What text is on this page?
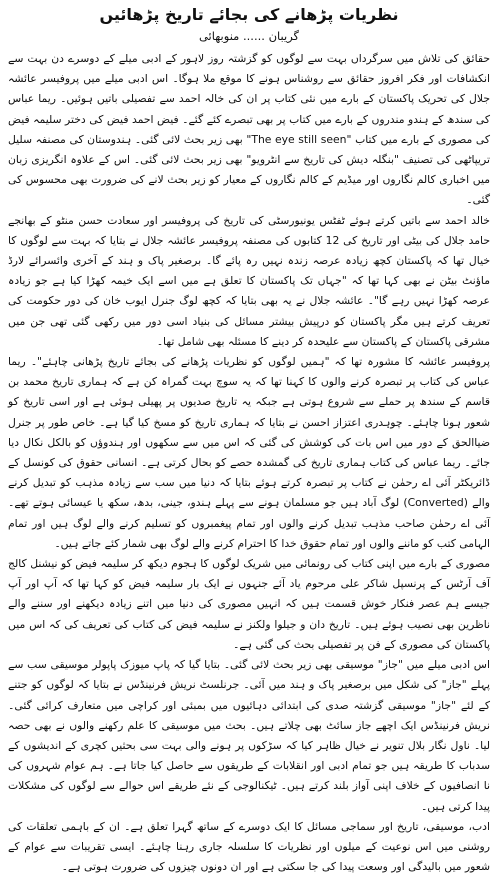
نظریات پڑھانے کی بجائے تاریخ پڑھائیں
گریبان ...... منوبھائی

حقائق کی تلاش میں سرگرداں بہت سے لوگوں کو گزشتہ روز لاہور کے ادبی میلے کے دوسرے دن بہت سے انکشافات اور فکر افروز حقائق سے روشناس ہونے کا موقع ملا ہوگا۔ اس ادبی میلے میں پروفیسر عائشہ جلال کی تحریک پاکستان کے بارے میں نئی کتاب پر ان کی خالہ احمد سے تفصیلی باتیں ہوئیں۔ ریما عباس کی سندھ کے ہندو مندروں کے بارے میں کتاب پر بھی تبصرے کئے گئے۔ فیض احمد فیض کی دختر سلیمہ فیض کی مصوری کے بارے میں کتاب "The eye still seen" بھی زیر بحث لائی گئی۔ ہندوستان کی مصنفہ سلیل تریپاٹھی کی تصنیف "بنگلہ دیش کی تاریخ سے انٹرویو" بھی زیر بحث لائی گئی۔ اس کے علاوہ انگریزی زبان میں اخباری کالم نگاروں اور میڈیم کے کالم نگاروں کے معیار کو زیر بحث لانے کی ضرورت بھی محسوس کی گئی۔

خالد احمد سے باتیں کرتے ہوئے ٹفٹس یونیورسٹی کی تاریخ کی پروفیسر اور سعادت حسن منٹو کے بھانجے حامد جلال کی بیٹی اور تاریخ کی 12 کتابوں کی مصنفہ پروفیسر عائشہ جلال نے بتایا کہ بہت سے لوگوں کا خیال تھا کہ پاکستان کچھ زیادہ عرصہ زندہ نہیں رہ پائے گا۔ برصغیر پاک و ہند کے آخری وائسرائے لارڈ ماؤنٹ بیٹن نے بھی کہا تھا کہ "جہاں تک پاکستان کا تعلق ہے میں اسے ایک خیمہ کھڑا کیا ہے جو زیادہ عرصہ کھڑا نہیں رہے گا"۔ عائشہ جلال نے یہ بھی بتایا کہ کچھ لوگ جنرل ایوب خان کی دور حکومت کی تعریف کرتے ہیں مگر پاکستان کو درپیش بیشتر مسائل کی بنیاد اسی دور میں رکھی گئی تھی جن میں مشرقی پاکستان کے پاکستان سے علیحدہ کر دینے کا مسئلہ بھی شامل تھا۔

پروفیسر عائشہ کا مشورہ تھا کہ "ہمیں لوگوں کو نظریات پڑھانے کی بجائے تاریخ پڑھانی چاہئے"۔ ریما عباس کی کتاب پر تبصرہ کرنے والوں کا کہنا تھا کہ یہ سوچ بہت گمراہ کن ہے کہ ہماری تاریخ محمد بن قاسم کے سندھ پر حملے سے شروع ہوتی ہے جبکہ یہ تاریخ صدیوں پر پھیلی ہوئی ہے اور اسی تاریخ کو شعور ہونا چاہئے۔ چوہدری اعتزاز احسن نے بتایا کہ ہماری تاریخ کو مسخ کیا گیا ہے۔ خاص طور پر جنرل ضیاالحق کے دور میں اس بات کی کوشش کی گئی کہ اس میں سے سکھوں اور ہندوؤں کو بالکل نکال دیا جائے۔ ریما عباس کی کتاب ہماری تاریخ کی گمشدہ حصے کو بحال کرتی ہے۔ انسانی حقوق کی کونسل کے ڈائریکٹر آئی اے رحمٰن نے کتاب پر تبصرہ کرتے ہوئے بتایا کہ دنیا میں سب سے زیادہ مذہب کو تبدیل کرنے والے (Converted) لوگ آباد ہیں جو مسلمان ہونے سے پہلے ہندو، جینی، بدھ، سکھ یا عیسائی ہوتے تھے۔ آئی اے رحمٰن صاحب مذہب تبدیل کرنے والوں اور تمام پیغمبروں کو تسلیم کرنے والے لوگ ہیں اور تمام الہامی کتب کو ماننے والوں اور تمام حقوق خدا کا احترام کرنے والے لوگ بھی شمار کئے جاتے ہیں۔

مصوری کے بارے میں اپنی کتاب کی رونمائی میں شریک لوگوں کا ہجوم دیکھ کر سلیمہ فیض کو نیشنل کالج آف آرٹس کے پرنسپل شاکر علی مرحوم یاد آئے جنہوں نے ایک بار سلیمہ فیض کو کہا تھا کہ آپ اور آپ جیسے ہم عصر فنکار خوش قسمت ہیں کہ انہیں مصوری کی دنیا میں اتنے زیادہ دیکھنے اور سننے والے ناظرین بھی نصیب ہوئے ہیں۔ تاریخ دان و جیلوا ولکنز نے سلیمہ فیض کی کتاب کی تعریف کی کہ اس میں پاکستان کی مصوری کے فن پر تفصیلی بحث کی گئی ہے۔

اس ادبی میلے میں "جاز" موسیقی بھی زیر بحث لائی گئی۔ بتایا گیا کہ پاپ میوزک پاپولر موسیقی سب سے پہلے "جاز" کی شکل میں برصغیر پاک و ہند میں آئی۔ جرنلسٹ نریش فرنینڈس نے بتایا کہ لوگوں کو جتنے کے لئے "جاز" موسیقی گزشتہ صدی کی ابتدائی دہائیوں میں بمبئی اور کراچی میں متعارف کرائی گئی۔ نریش فرنینڈس ایک اچھے جاز سائٹ بھی چلاتے ہیں۔ بحث میں موسیقی کا علم رکھنے والوں نے بھی حصہ لیا۔ ناول نگار بلال تنویر نے خیال ظاہر کیا کہ سڑکوں پر ہونے والی بہت سی بحثیں کچری کے اندیشوں کے سدباب کا طریقہ ہیں جو تمام ادبی اور انقلابات کے طریقوں سے حاصل کیا جاتا ہے۔ ہم عوام شہروں کی نا انصافیوں کے خلاف اپنی آواز بلند کرتے ہیں۔ ٹیکنالوجی کے نئے طریقے اس حوالے سے لوگوں کی مشکلات پیدا کرتی ہیں۔

ادب، موسیقی، تاریخ اور سماجی مسائل کا ایک دوسرے کے ساتھ گہرا تعلق ہے۔ ان کے باہمی تعلقات کی روشنی میں اس نوعیت کے میلوں اور نظریات کا سلسلہ جاری رہنا چاہئے۔ ایسی تقریبات سے عوام کے شعور میں بالیدگی اور وسعت پیدا کی جا سکتی ہے اور ان دونوں چیزوں کی ضرورت ہوتی ہے۔
